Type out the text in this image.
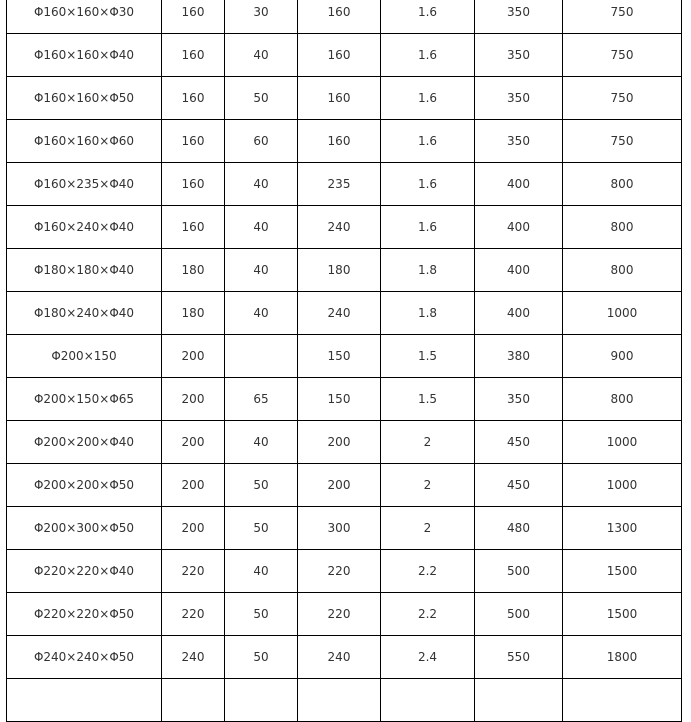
Φ160×160×Φ30	160	30	160	1.6	350	750
Φ160×160×Φ40	160	40	160	1.6	350	750
Φ160×160×Φ50	160	50	160	1.6	350	750
Φ160×160×Φ60	160	60	160	1.6	350	750
Φ160×235×Φ40	160	40	235	1.6	400	800
Φ160×240×Φ40	160	40	240	1.6	400	800
Φ180×180×Φ40	180	40	180	1.8	400	800
Φ180×240×Φ40	180	40	240	1.8	400	1000
Φ200×150	200		150	1.5	380	900
Φ200×150×Φ65	200	65	150	1.5	350	800
Φ200×200×Φ40	200	40	200	2	450	1000
Φ200×200×Φ50	200	50	200	2	450	1000
Φ200×300×Φ50	200	50	300	2	480	1300
Φ220×220×Φ40	220	40	220	2.2	500	1500
Φ220×220×Φ50	220	50	220	2.2	500	1500
Φ240×240×Φ50	240	50	240	2.4	550	1800
